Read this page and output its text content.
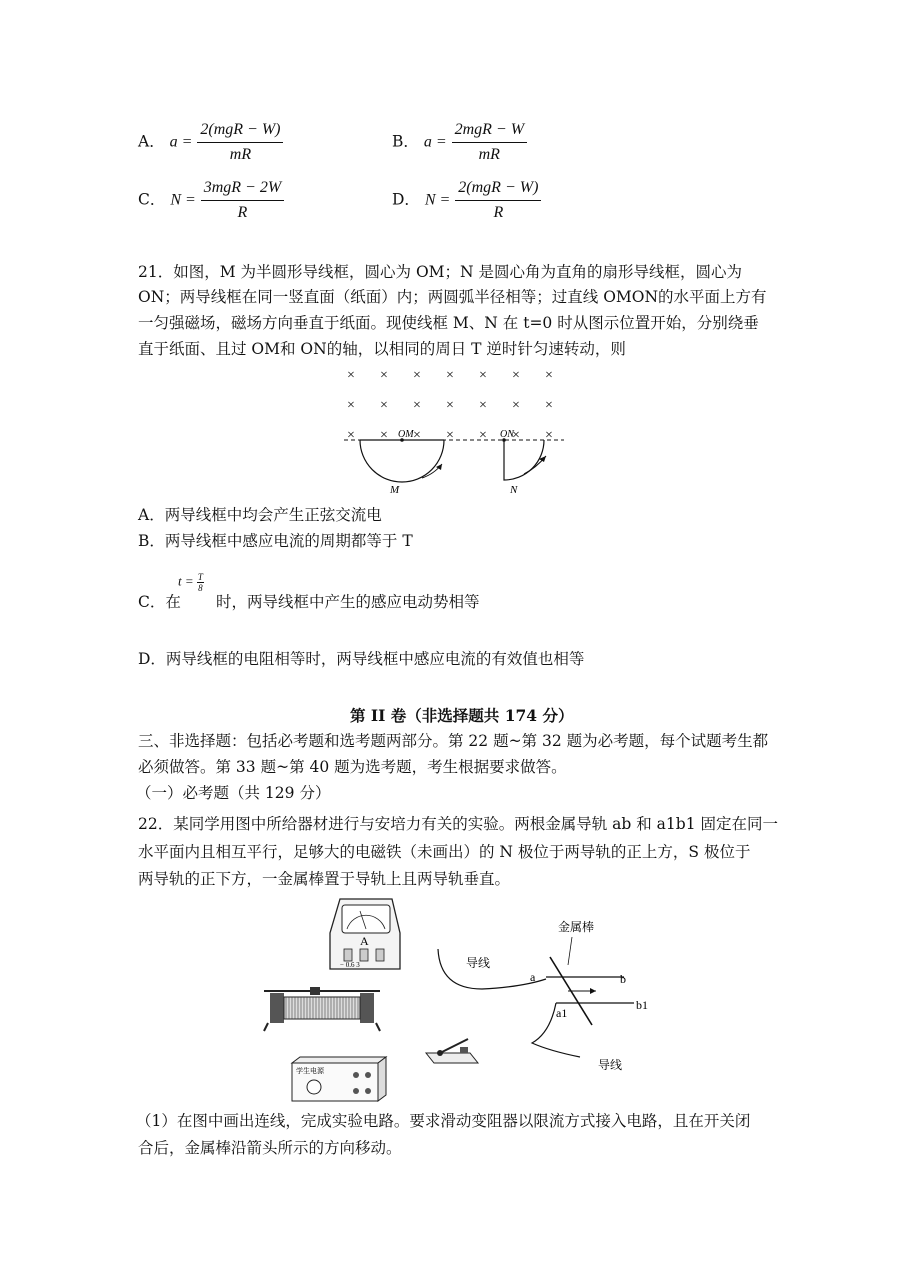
A． $a = \frac{\text{2(mgR − W)}}{mR}$	B． $a = \frac{\text{2mgR − W}}{mR}$
C． $N = \frac{\text{3mgR − 2W}}{R}$	D． $N = \frac{\text{2(mgR − W)}}{R}$
21．如图，M 为半圆形导线框，圆心为 OM；N 是圆心角为直角的扇形导线框，圆心为
ON；两导线框在同一竖直面（纸面）内；两圆弧半径相等；过直线 OMON的水平面上方有
一匀强磁场，磁场方向垂直于纸面。现使线框 M、N 在 t=0 时从图示位置开始，分别绕垂
直于纸面、且过 OM和 ON的轴，以相同的周日 T 逆时针匀速转动，则
× × × × × × ×
× × × × × × ×
× × × × × × ×
OM	ON
M	N
A．两导线框中均会产生正弦交流电
B．两导线框中感应电流的周期都等于 T
C．在
$t = \frac{T}{8}$
时，两导线框中产生的感应电动势相等
D．两导线框的电阻相等时，两导线框中感应电流的有效值也相等
第 II 卷（非选择题共 174 分）
三、非选择题：包括必考题和选考题两部分。第 22 题~第 32 题为必考题，每个试题考生都
必须做答。第 33 题~第 40 题为选考题，考生根据要求做答。
（一）必考题（共 129 分）
22．某同学用图中所给器材进行与安培力有关的实验。两根金属导轨 ab 和 a1b1 固定在同一
水平面内且相互平行，足够大的电磁铁（未画出）的 N 极位于两导轨的正上方，S 极位于
两导轨的正下方，一金属棒置于导轨上且两导轨垂直。
A
− 0.6 3
学生电源
金属棒
导线
导线
a	b
a1
b1
（1）在图中画出连线，完成实验电路。要求滑动变阻器以限流方式接入电路，且在开关闭
合后，金属棒沿箭头所示的方向移动。
